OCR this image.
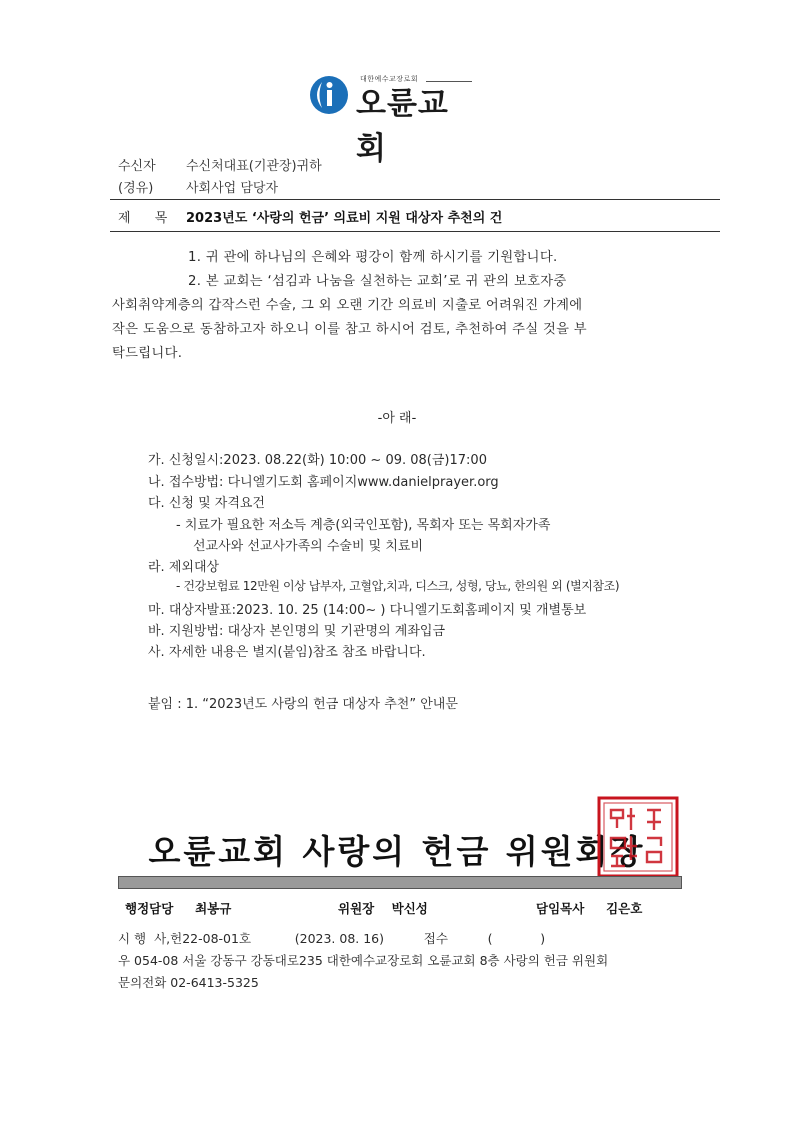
대한예수교장로회
오륜교회
수신자 수신처대표(기관장)귀하
(경유)	사회사업 담당자
제 목 2023년도 ‘사랑의 헌금’ 의료비 지원 대상자 추천의 건
1. 귀 관에 하나님의 은혜와 평강이 함께 하시기를 기원합니다.
2. 본 교회는 ‘섬김과 나눔을 실천하는 교회’로 귀 관의 보호자중
사회취약계층의 갑작스런 수술, 그 외 오랜 기간 의료비 지출로 어려워진 가계에
작은 도움으로 동참하고자 하오니 이를 참고 하시어 검토, 추천하여 주실 것을 부
탁드립니다.
-아 래-
가. 신청일시:2023. 08.22(화) 10:00 ~ 09. 08(금)17:00
나. 접수방법: 다니엘기도회 홈페이지www.danielprayer.org
다. 신청 및 자격요건
- 치료가 필요한 저소득 계층(외국인포함), 목회자 또는 목회자가족
선교사와 선교사가족의 수술비 및 치료비
라. 제외대상
- 건강보험료 12만원 이상 납부자, 고혈압,치과, 디스크, 성형, 당뇨, 한의원 외 (별지참조)
마. 대상자발표:2023. 10. 25 (14:00~ ) 다니엘기도회홈페이지 및 개별통보
바. 지원방법: 대상자 본인명의 및 기관명의 계좌입금
사. 자세한 내용은 별지(붙임)참조 참조 바랍니다.
붙임 : 1. “2023년도 사랑의 헌금 대상자 추천” 안내문
오륜교회 사랑의 헌금 위원회장
행정담당 최봉규	위원장 박신성	담임목사 김은호
시 행 사,헌22-08-01호	(2023. 08. 16)	접수	(            )
우 054-08 서울 강동구 강동대로235 대한예수교장로회 오륜교회 8층 사랑의 헌금 위원회
문의전화 02-6413-5325
